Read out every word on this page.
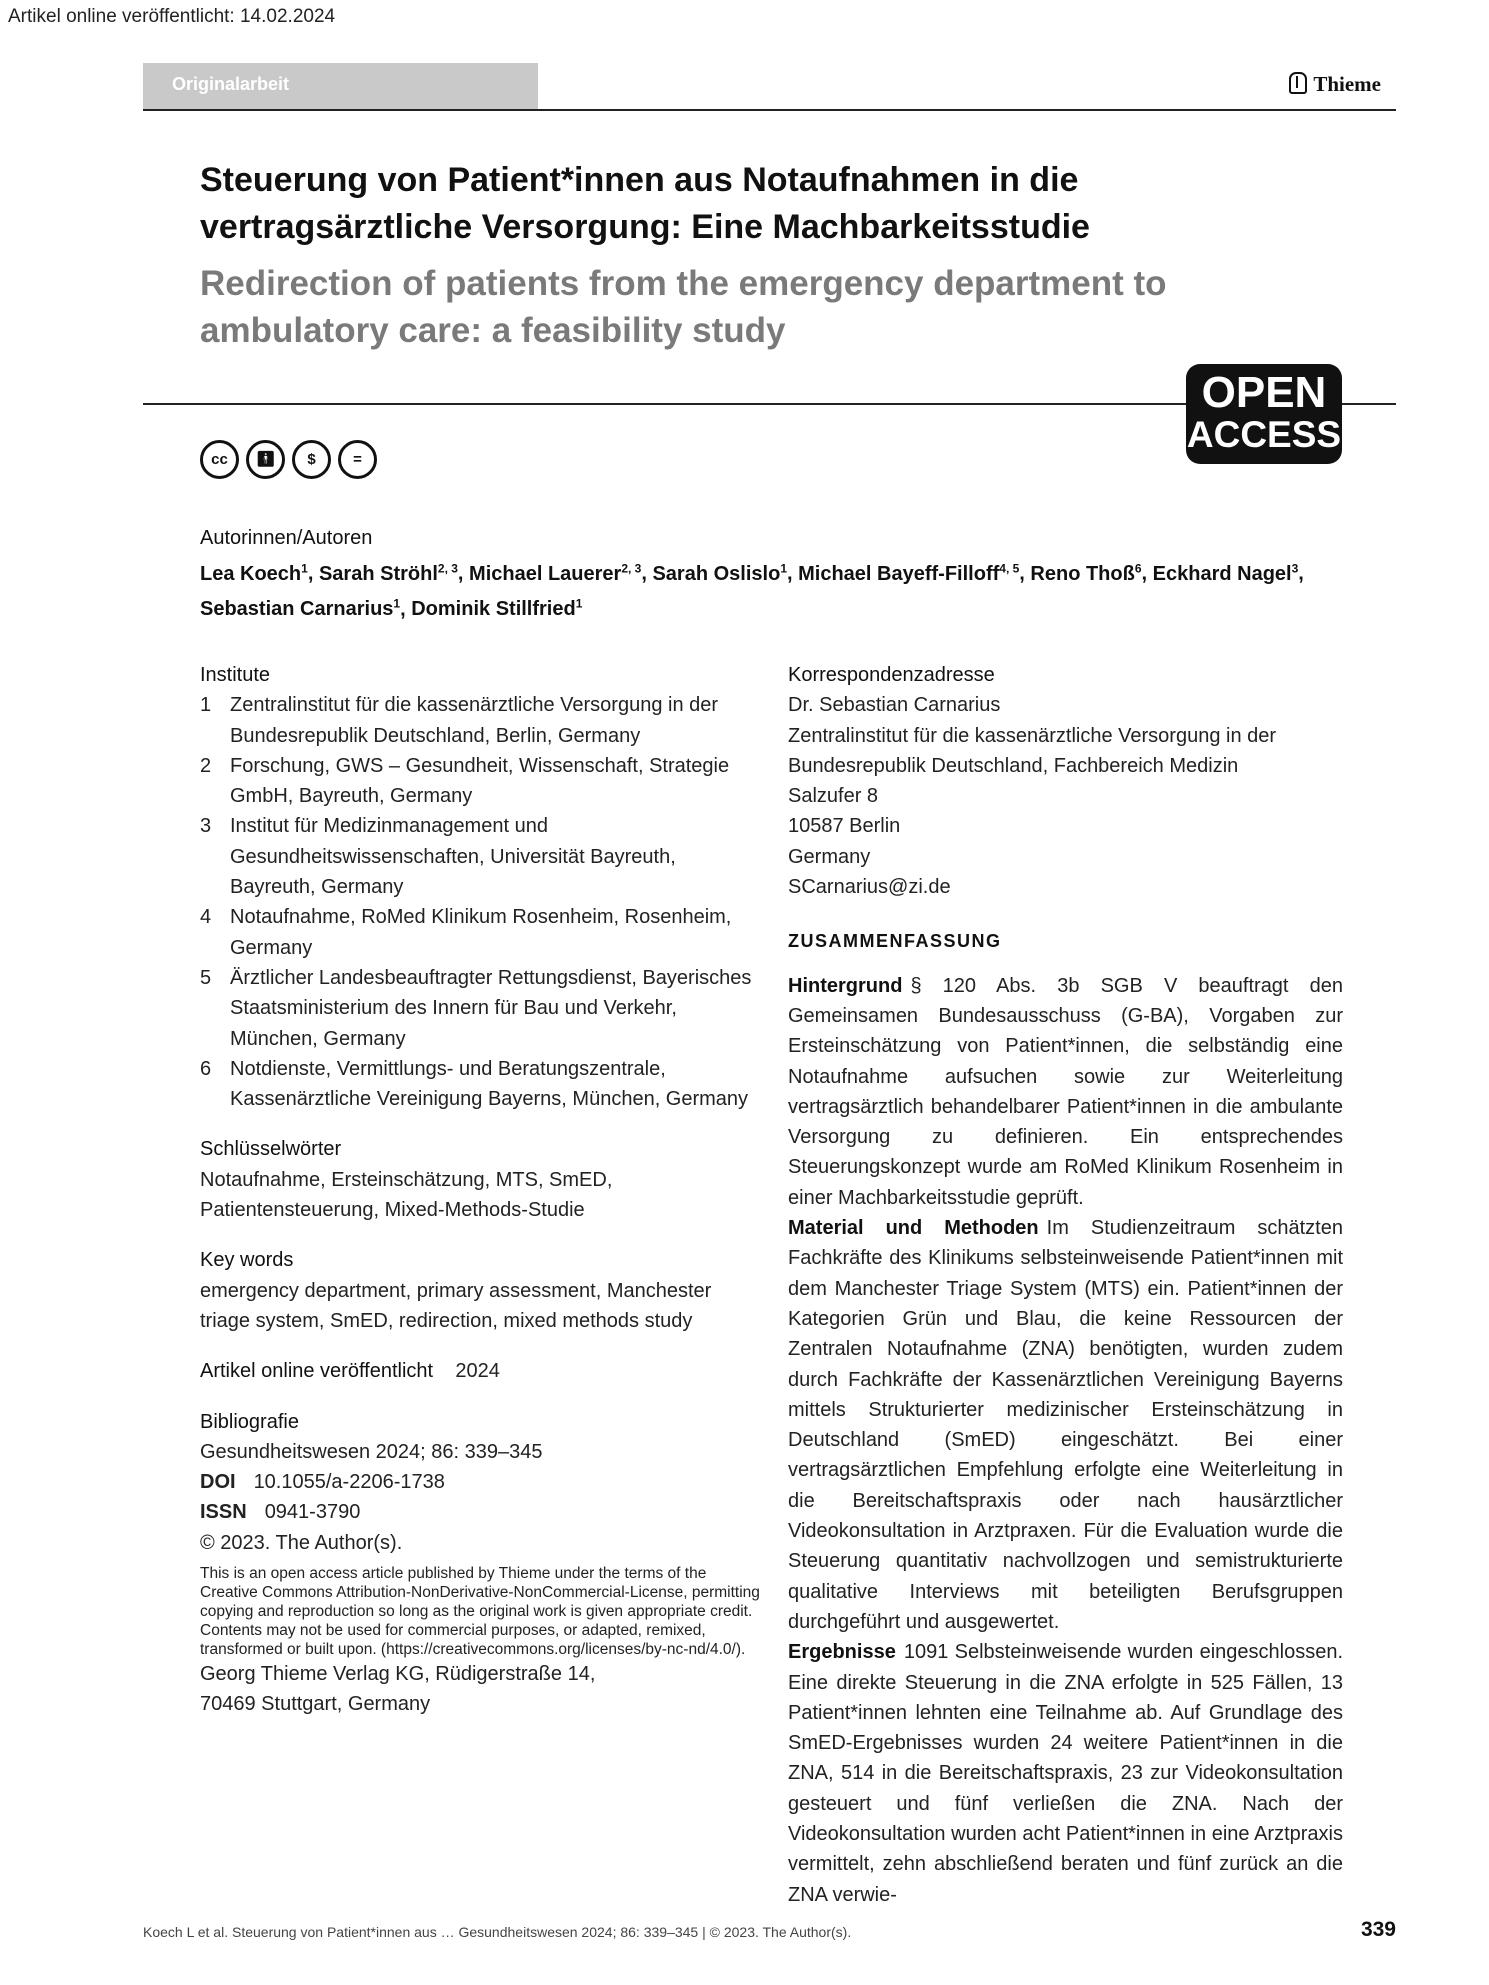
Artikel online veröffentlicht: 14.02.2024
Originalarbeit	Thieme
Steuerung von Patient*innen aus Notaufnahmen in die vertragsärztliche Versorgung: Eine Machbarkeitsstudie
Redirection of patients from the emergency department to ambulatory care: a feasibility study
OPEN
ACCESS
cc 🚹︎ $ =
Autorinnen/Autoren
Lea Koech$^1$, Sarah Ströhl$^{2, 3}$, Michael Lauerer$^{2, 3}$, Sarah Oslislo$^1$, Michael Bayeff-Filloff$^{4, 5}$, Reno Thoß$^6$, Eckhard Nagel$^3$,
Sebastian Carnarius$^1$, Dominik Stillfried$^1$
Institute
1 Zentralinstitut für die kassenärztliche Versorgung in der Bundesrepublik Deutschland, Berlin, Germany
2 Forschung, GWS – Gesundheit, Wissenschaft, Strategie GmbH, Bayreuth, Germany
3 Institut für Medizinmanagement und Gesundheitswissenschaften, Universität Bayreuth, Bayreuth, Germany
4 Notaufnahme, RoMed Klinikum Rosenheim, Rosenheim, Germany
5 Ärztlicher Landesbeauftragter Rettungsdienst, Bayerisches Staatsministerium des Innern für Bau und Verkehr, München, Germany
6 Notdienste, Vermittlungs- und Beratungszentrale, Kassenärztliche Vereinigung Bayerns, München, Germany
Schlüsselwörter
Notaufnahme, Ersteinschätzung, MTS, SmED, Patientensteuerung, Mixed-Methods-Studie
Key words
emergency department, primary assessment, Manchester triage system, SmED, redirection, mixed methods study
Artikel online veröffentlicht 2024
Bibliografie
Gesundheitswesen 2024; 86: 339–345
DOI 10.1055/a-2206-1738
ISSN 0941-3790
© 2023. The Author(s).
This is an open access article published by Thieme under the terms of the Creative Commons Attribution-NonDerivative-NonCommercial-License, permitting copying and reproduction so long as the original work is given appropriate credit. Contents may not be used for commercial purposes, or adapted, remixed, transformed or built upon. (https://creativecommons.org/licenses/by-nc-nd/4.0/).
Georg Thieme Verlag KG, Rüdigerstraße 14,
70469 Stuttgart, Germany
Korrespondenzadresse
Dr. Sebastian Carnarius
Zentralinstitut für die kassenärztliche Versorgung in der Bundesrepublik Deutschland, Fachbereich Medizin
Salzufer 8
10587 Berlin
Germany
SCarnarius@zi.de
ZUSAMMENFASSUNG
Hintergrund § 120 Abs. 3b SGB V beauftragt den Gemeinsamen Bundesausschuss (G-BA), Vorgaben zur Ersteinschätzung von Patient*innen, die selbständig eine Notaufnahme aufsuchen sowie zur Weiterleitung vertragsärztlich behandelbarer Patient*innen in die ambulante Versorgung zu definieren. Ein entsprechendes Steuerungskonzept wurde am RoMed Klinikum Rosenheim in einer Machbarkeitsstudie geprüft.
Material und Methoden Im Studienzeitraum schätzten Fachkräfte des Klinikums selbsteinweisende Patient*innen mit dem Manchester Triage System (MTS) ein. Patient*innen der Kategorien Grün und Blau, die keine Ressourcen der Zentralen Notaufnahme (ZNA) benötigten, wurden zudem durch Fachkräfte der Kassenärztlichen Vereinigung Bayerns mittels Strukturierter medizinischer Ersteinschätzung in Deutschland (SmED) eingeschätzt. Bei einer vertragsärztlichen Empfehlung erfolgte eine Weiterleitung in die Bereitschaftspraxis oder nach hausärztlicher Videokonsultation in Arztpraxen. Für die Evaluation wurde die Steuerung quantitativ nachvollzogen und semistrukturierte qualitative Interviews mit beteiligten Berufsgruppen durchgeführt und ausgewertet.
Ergebnisse 1091 Selbsteinweisende wurden eingeschlossen. Eine direkte Steuerung in die ZNA erfolgte in 525 Fällen, 13 Patient*innen lehnten eine Teilnahme ab. Auf Grundlage des SmED-Ergebnisses wurden 24 weitere Patient*innen in die ZNA, 514 in die Bereitschaftspraxis, 23 zur Videokonsultation gesteuert und fünf verließen die ZNA. Nach der Videokonsultation wurden acht Patient*innen in eine Arztpraxis vermittelt, zehn abschließend beraten und fünf zurück an die ZNA verwie-
Koech L et al. Steuerung von Patient*innen aus … Gesundheitswesen 2024; 86: 339–345 | © 2023. The Author(s).	339
